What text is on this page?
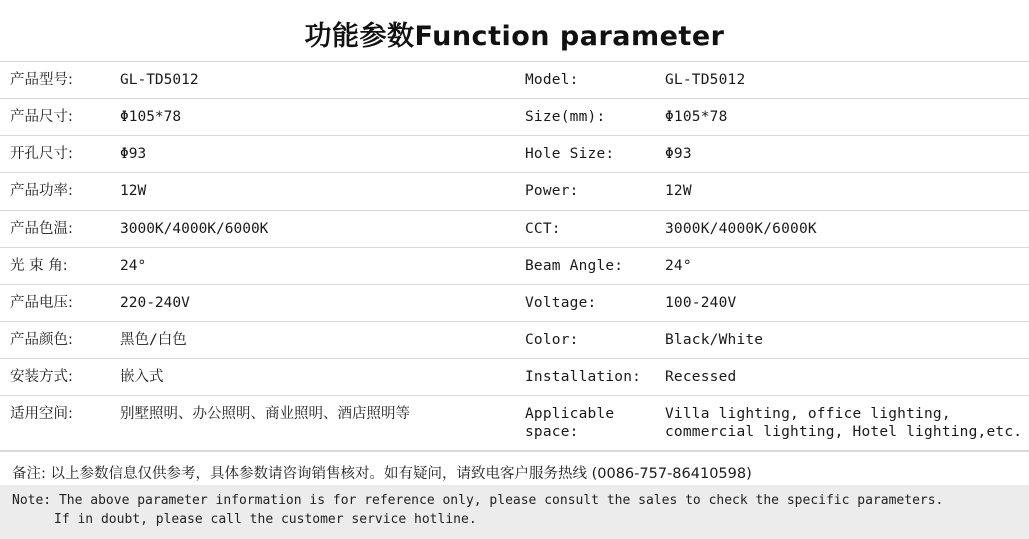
功能参数Function parameter
产品型号:	GL-TD5012	Model:	GL-TD5012
产品尺寸:	Φ105*78	Size(mm):	Φ105*78
开孔尺寸:	Φ93	Hole Size:	Φ93
产品功率:	12W	Power:	12W
产品色温:	3000K/4000K/6000K	CCT:	3000K/4000K/6000K
光 束 角:	24°	Beam Angle:	24°
产品电压:	220-240V	Voltage:	100-240V
产品颜色:	黑色/白色	Color:	Black/White
安装方式:	嵌入式	Installation:	Recessed
适用空间:	别墅照明、办公照明、商业照明、酒店照明等	Applicable space:	Villa lighting, office lighting, commercial lighting, Hotel lighting,etc.
备注: 以上参数信息仅供参考，具体参数请咨询销售核对。如有疑问，请致电客户服务热线 (0086-757-86410598)
Note: The above parameter information is for reference only, please consult the sales to check the specific parameters.
If in doubt, please call the customer service hotline.
